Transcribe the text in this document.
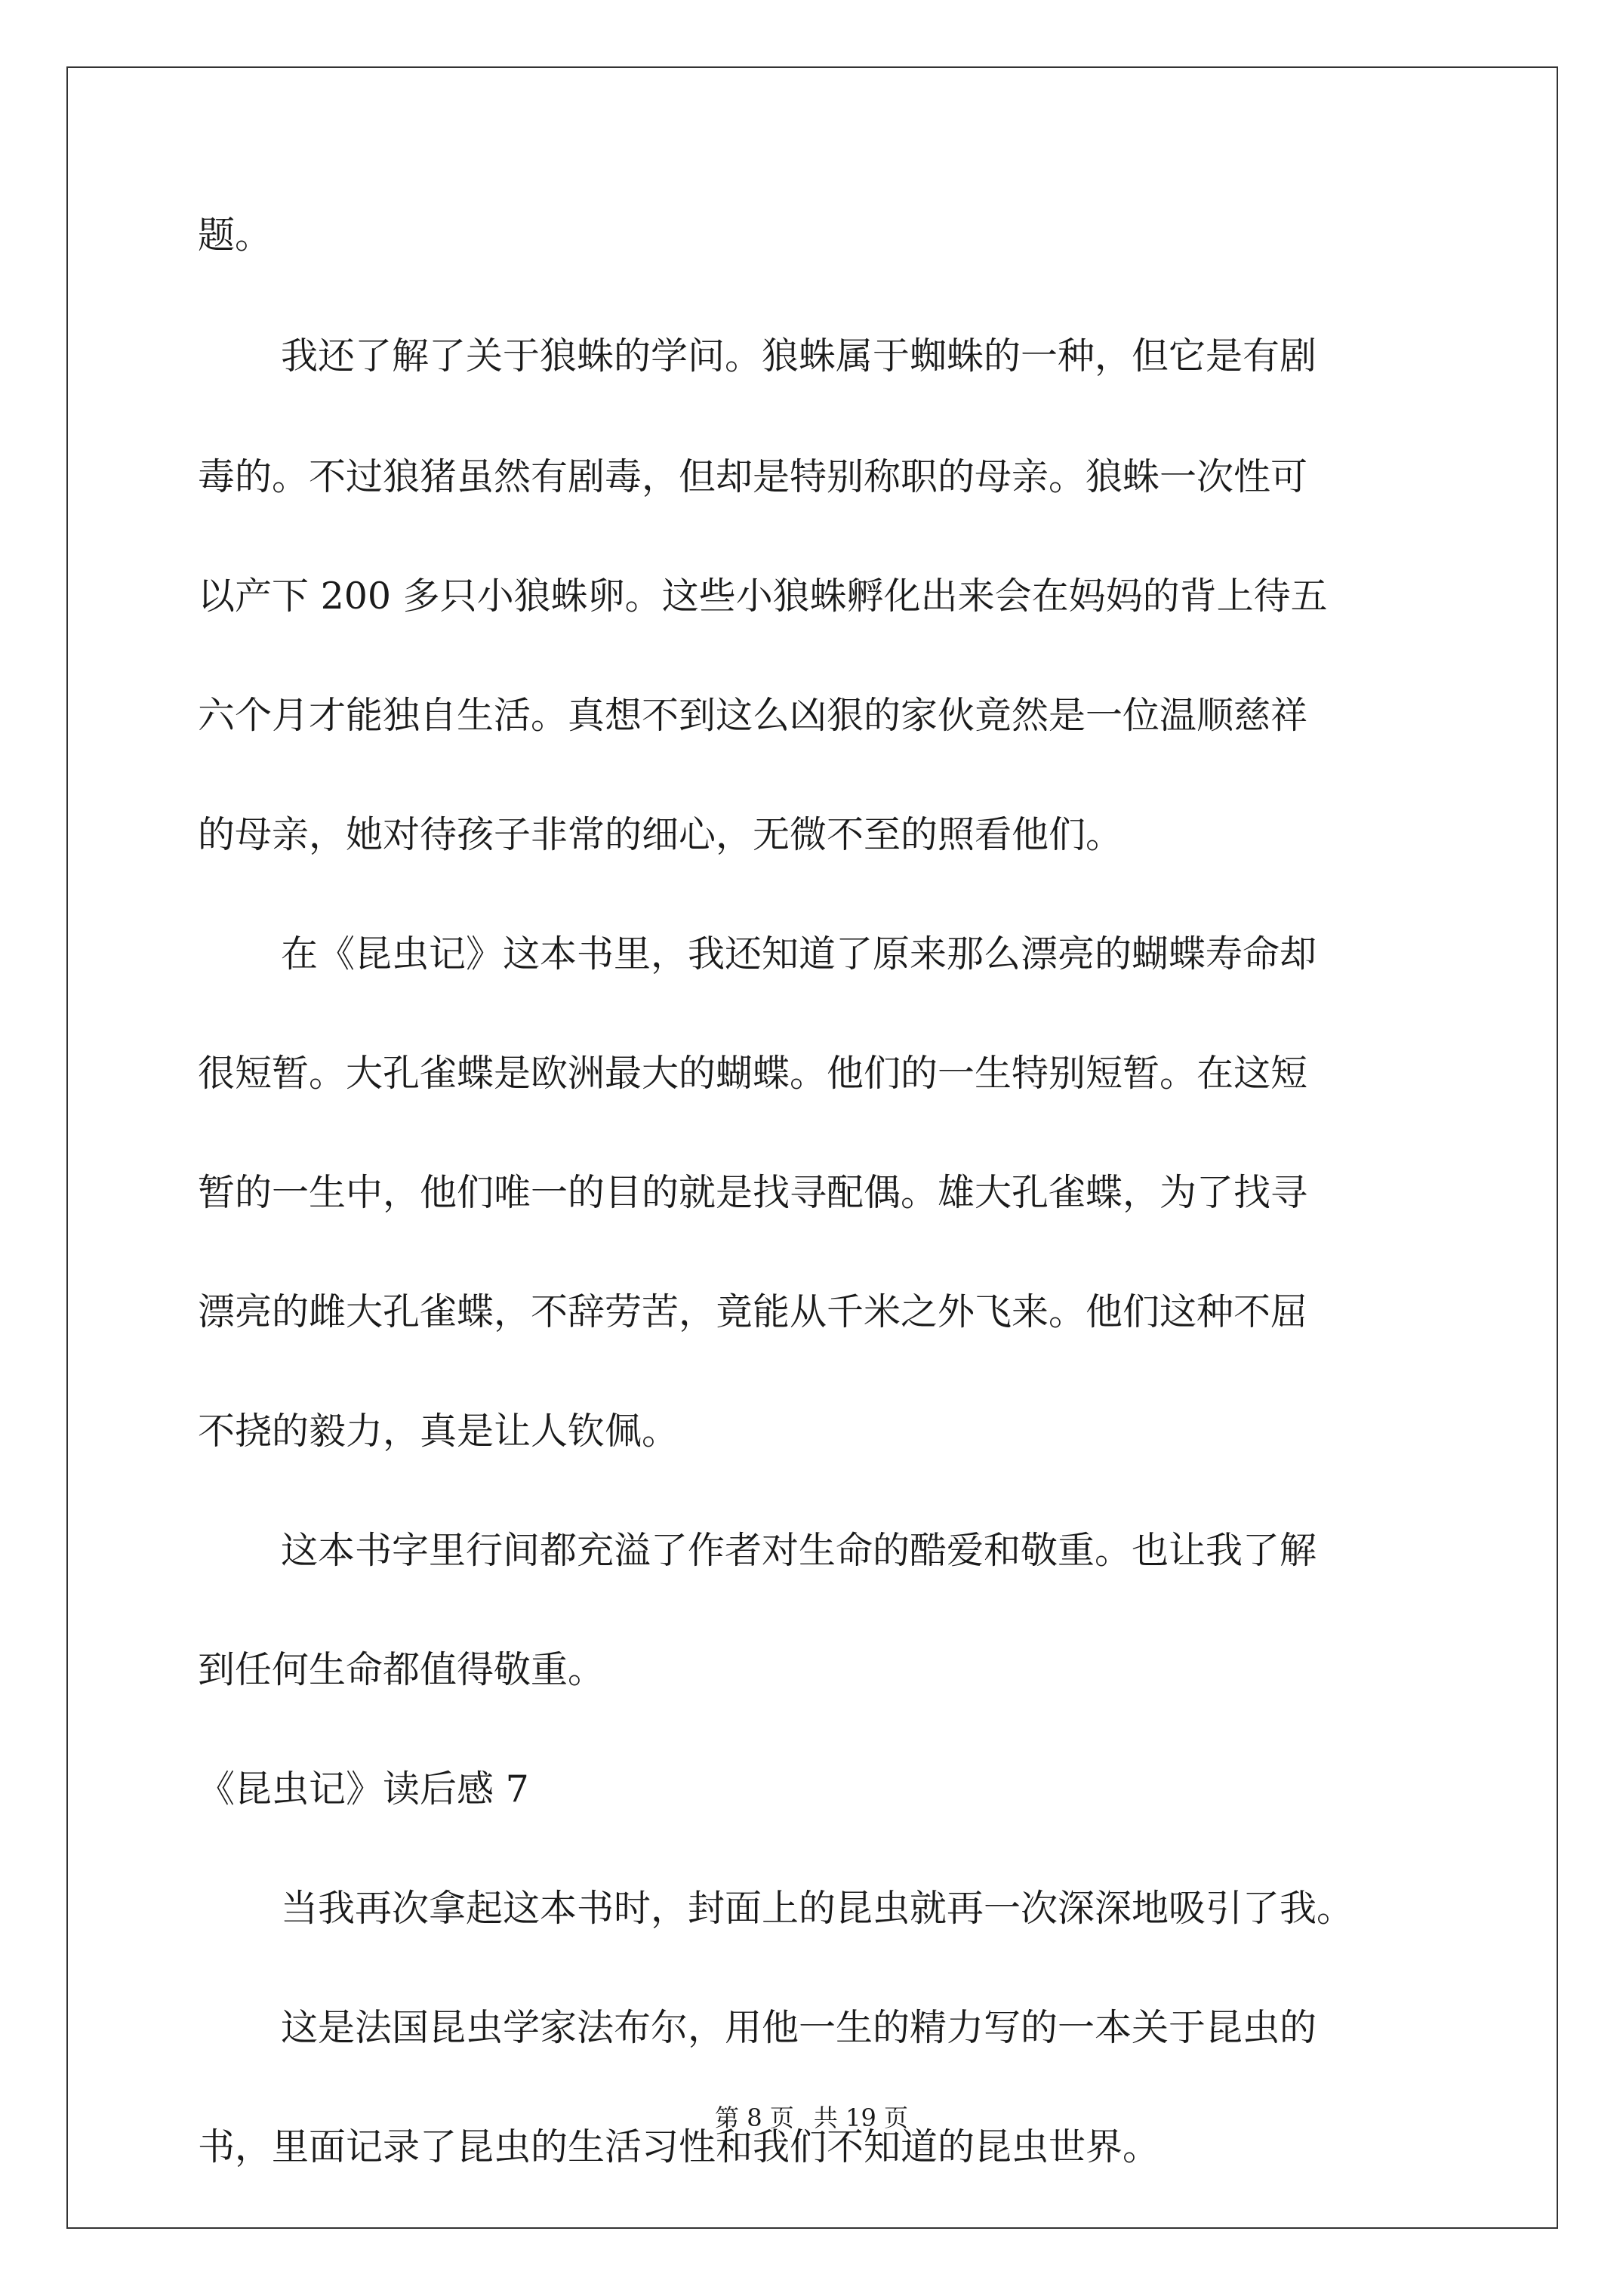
题。
我还了解了关于狼蛛的学问。狼蛛属于蜘蛛的一种，但它是有剧
毒的。不过狼猪虽然有剧毒，但却是特别称职的母亲。狼蛛一次性可
以产下 200 多只小狼蛛卵。这些小狼蛛孵化出来会在妈妈的背上待五
六个月才能独自生活。真想不到这么凶狠的家伙竟然是一位温顺慈祥
的母亲，她对待孩子非常的细心，无微不至的照看他们。
在《昆虫记》这本书里，我还知道了原来那么漂亮的蝴蝶寿命却
很短暂。大孔雀蝶是欧洲最大的蝴蝶。他们的一生特别短暂。在这短
暂的一生中，他们唯一的目的就是找寻配偶。雄大孔雀蝶，为了找寻
漂亮的雌大孔雀蝶，不辞劳苦，竟能从千米之外飞来。他们这种不屈
不挠的毅力，真是让人钦佩。
这本书字里行间都充溢了作者对生命的酷爱和敬重。也让我了解
到任何生命都值得敬重。
《昆虫记》读后感 7
当我再次拿起这本书时，封面上的昆虫就再一次深深地吸引了我。
这是法国昆虫学家法布尔，用他一生的精力写的一本关于昆虫的
书，里面记录了昆虫的生活习性和我们不知道的昆虫世界。
第 8 页 共 19 页
